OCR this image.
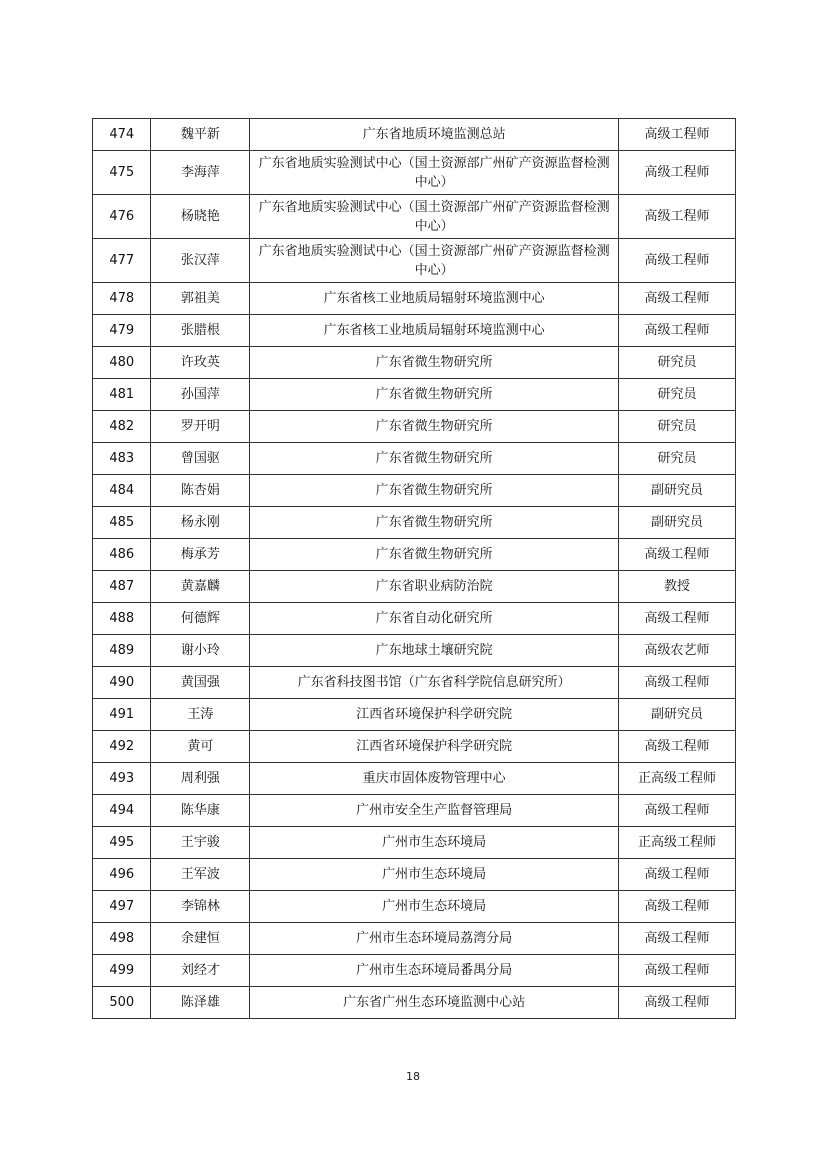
474	魏平新	广东省地质环境监测总站	高级工程师
475	李海萍	广东省地质实验测试中心（国土资源部广州矿产资源监督检测中心）	高级工程师
476	杨晓艳	广东省地质实验测试中心（国土资源部广州矿产资源监督检测中心）	高级工程师
477	张汉萍	广东省地质实验测试中心（国土资源部广州矿产资源监督检测中心）	高级工程师
478	郭祖美	广东省核工业地质局辐射环境监测中心	高级工程师
479	张腊根	广东省核工业地质局辐射环境监测中心	高级工程师
480	许玫英	广东省微生物研究所	研究员
481	孙国萍	广东省微生物研究所	研究员
482	罗开明	广东省微生物研究所	研究员
483	曾国驱	广东省微生物研究所	研究员
484	陈杏娟	广东省微生物研究所	副研究员
485	杨永刚	广东省微生物研究所	副研究员
486	梅承芳	广东省微生物研究所	高级工程师
487	黄嘉麟	广东省职业病防治院	教授
488	何德辉	广东省自动化研究所	高级工程师
489	谢小玲	广东地球土壤研究院	高级农艺师
490	黄国强	广东省科技图书馆（广东省科学院信息研究所）	高级工程师
491	王涛	江西省环境保护科学研究院	副研究员
492	黄可	江西省环境保护科学研究院	高级工程师
493	周利强	重庆市固体废物管理中心	正高级工程师
494	陈华康	广州市安全生产监督管理局	高级工程师
495	王宇骏	广州市生态环境局	正高级工程师
496	王军波	广州市生态环境局	高级工程师
497	李锦林	广州市生态环境局	高级工程师
498	余建恒	广州市生态环境局荔湾分局	高级工程师
499	刘经才	广州市生态环境局番禺分局	高级工程师
500	陈泽雄	广东省广州生态环境监测中心站	高级工程师
18
